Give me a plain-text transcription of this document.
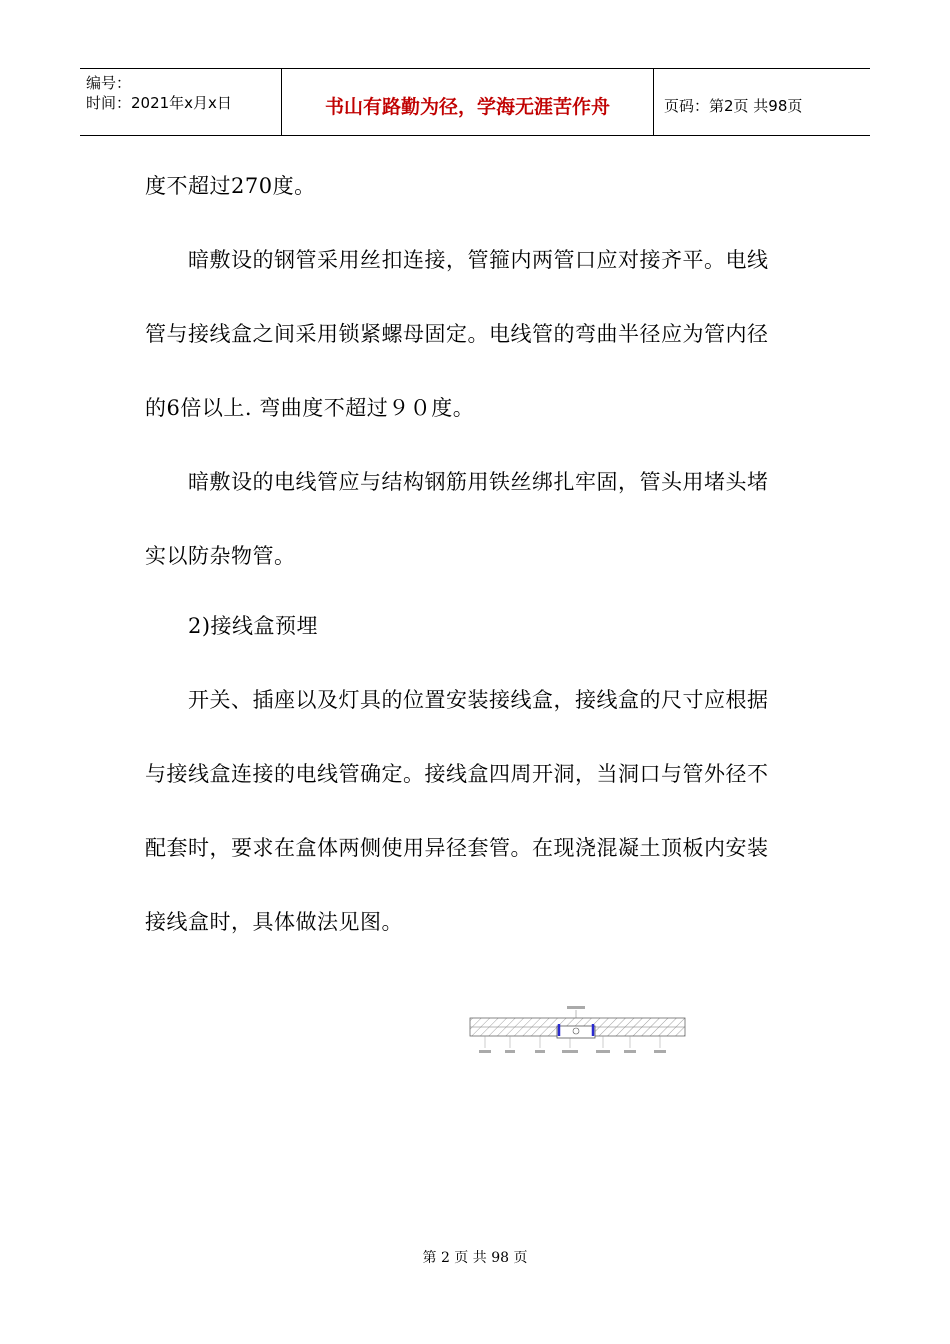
编号：
时间：2021年x月x日	书山有路勤为径，学海无涯苦作舟	页码：第2页 共98页

度不超过270度。

　　暗敷设的钢管采用丝扣连接，管箍内两管口应对接齐平。电线

管与接线盒之间采用锁紧螺母固定。电线管的弯曲半径应为管内径

的6倍以上. 弯曲度不超过９０度。

　　暗敷设的电线管应与结构钢筋用铁丝绑扎牢固，管头用堵头堵

实以防杂物管。

　　2)接线盒预埋

　　开关、插座以及灯具的位置安装接线盒，接线盒的尺寸应根据

与接线盒连接的电线管确定。接线盒四周开洞，当洞口与管外径不

配套时，要求在盒体两侧使用异径套管。在现浇混凝土顶板内安装

接线盒时，具体做法见图。

第 2 页 共 98 页
